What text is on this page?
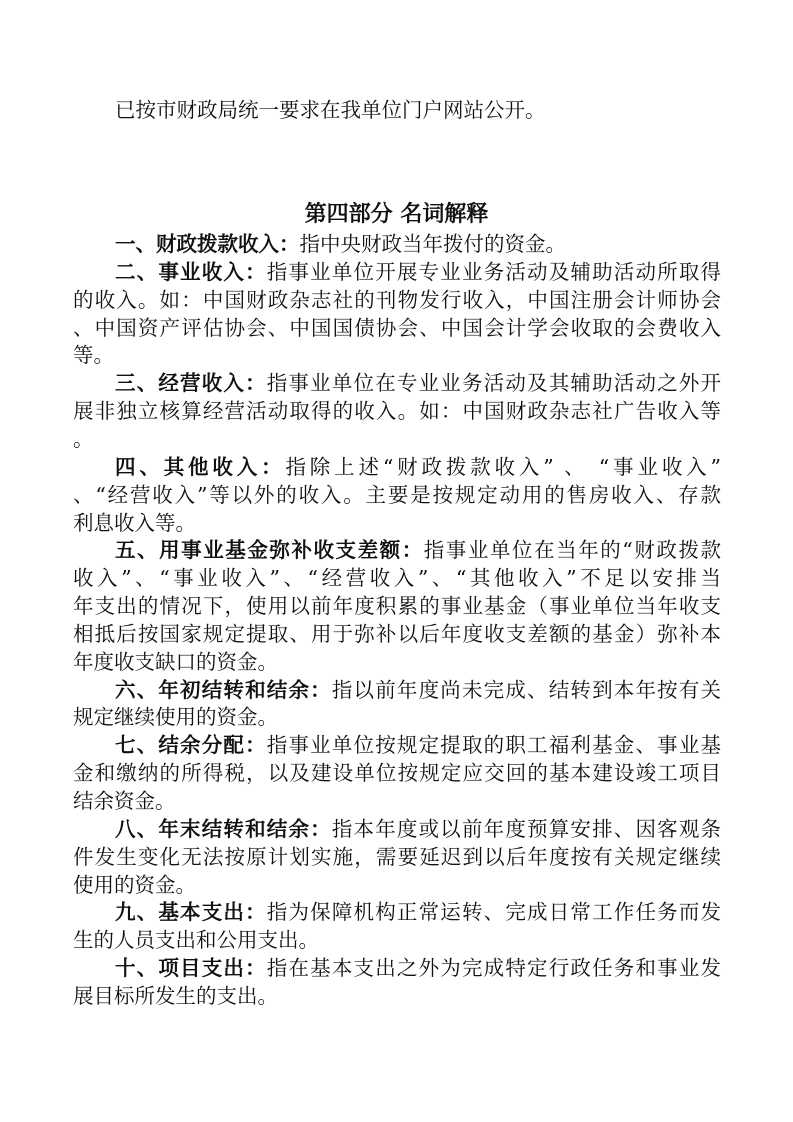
已按市财政局统一要求在我单位门户网站公开。
第四部分 名词解释
一、财政拨款收入：指中央财政当年拨付的资金。
二、事业收入：指事业单位开展专业业务活动及辅助活动所取得
的收入。如：中国财政杂志社的刊物发行收入，中国注册会计师协会
、中国资产评估协会、中国国债协会、中国会计学会收取的会费收入
等。
三、经营收入：指事业单位在专业业务活动及其辅助活动之外开
展非独立核算经营活动取得的收入。如：中国财政杂志社广告收入等
。
四、其他收入：指除上述“财政拨款收入” 、 “事业收入”
、“经营收入”等以外的收入。主要是按规定动用的售房收入、存款
利息收入等。
五、用事业基金弥补收支差额：指事业单位在当年的“财政拨款
收入”、“事业收入”、“经营收入”、“其他收入”不足以安排当
年支出的情况下，使用以前年度积累的事业基金（事业单位当年收支
相抵后按国家规定提取、用于弥补以后年度收支差额的基金）弥补本
年度收支缺口的资金。
六、年初结转和结余：指以前年度尚未完成、结转到本年按有关
规定继续使用的资金。
七、结余分配：指事业单位按规定提取的职工福利基金、事业基
金和缴纳的所得税，以及建设单位按规定应交回的基本建设竣工项目
结余资金。
八、年末结转和结余：指本年度或以前年度预算安排、因客观条
件发生变化无法按原计划实施，需要延迟到以后年度按有关规定继续
使用的资金。
九、基本支出：指为保障机构正常运转、完成日常工作任务而发
生的人员支出和公用支出。
十、项目支出：指在基本支出之外为完成特定行政任务和事业发
展目标所发生的支出。
